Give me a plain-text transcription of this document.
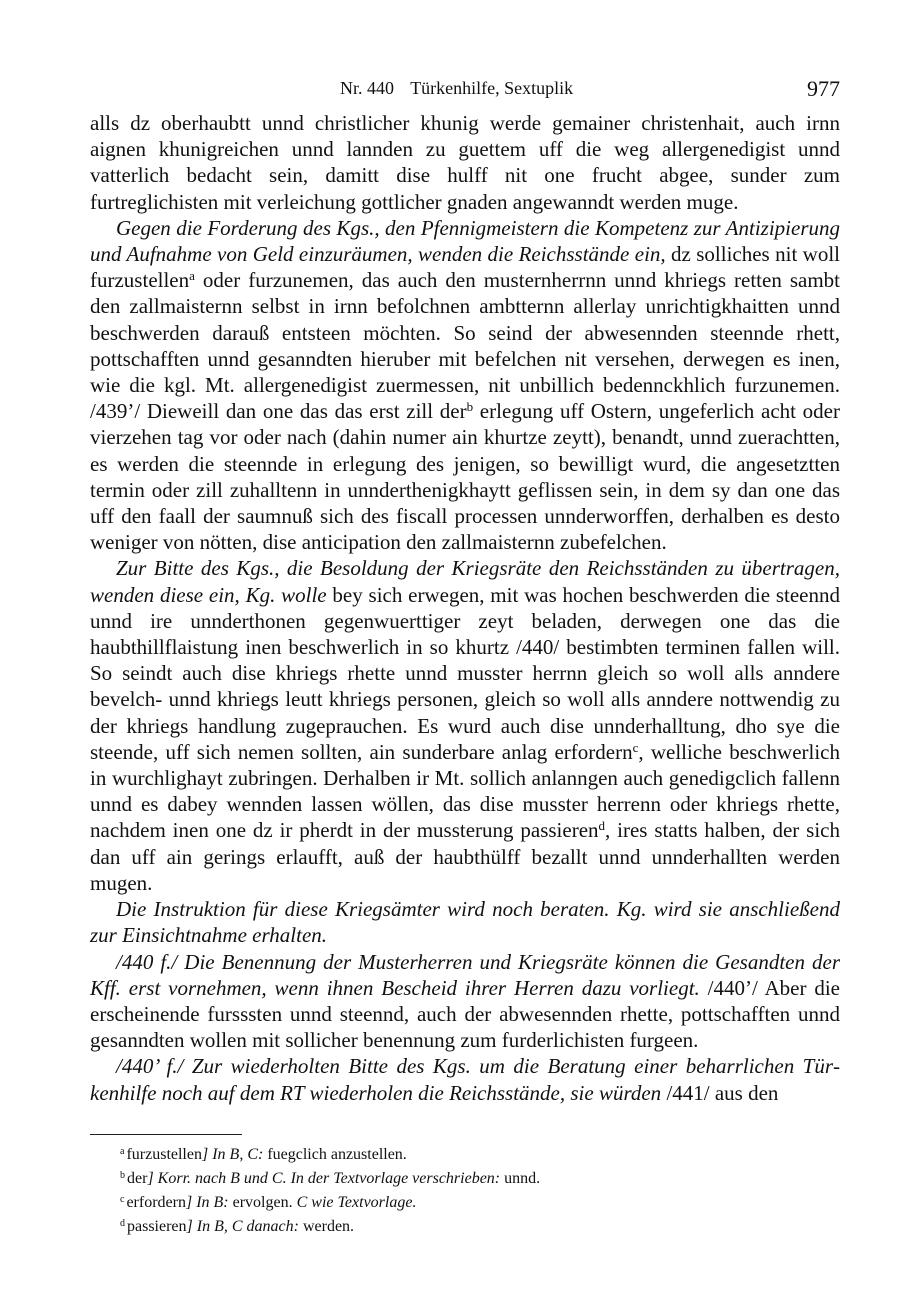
Nr. 440 Türkenhilfe, Sextuplik	977

alls dz oberhaubtt unnd christlicher khunig werde gemainer christenhait, auch irnn aignen khunigreichen unnd lannden zu guettem uff die weg allergenedigist unnd vatterlich bedacht sein, damitt dise hulff nit one frucht abgee, sunder zum furtreglichisten mit verleichung gottlicher gnaden angewanndt werden muge.

Gegen die Forderung des Kgs., den Pfennigmeistern die Kompetenz zur Antizipierung und Aufnahme von Geld einzuräumen, wenden die Reichsstände ein, dz solliches nit woll furzustellen$^a$ oder furzunemen, das auch den musternherrnn unnd khriegs retten sambt den zallmaisternn selbst in irnn befolchnen ambtternn allerlay unrichtigkhaitten unnd beschwerden darauß entsteen möchten. So seind der abwesennden steennde rhett, pottschafften unnd gesanndten hieruber mit befelchen nit versehen, derwegen es inen, wie die kgl. Mt. allergenedigist zuermessen, nit unbillich bedennckhlich furzunemen. /439’/ Dieweill dan one das das erst zill der$^b$ erlegung uff Ostern, ungeferlich acht oder vierzehen tag vor oder nach (dahin numer ain khurtze zeytt), benandt, unnd zuerachtten, es werden die steennde in erlegung des jenigen, so bewilligt wurd, die angesetztten termin oder zill zuhalltenn in unnderthenigkhaytt geflissen sein, in dem sy dan one das uff den faall der saumnuß sich des fiscall processen unnderworffen, derhalben es desto weniger von nötten, dise anticipation den zallmaisternn zubefelchen.

Zur Bitte des Kgs., die Besoldung der Kriegsräte den Reichsständen zu übertragen, wenden diese ein, Kg. wolle bey sich erwegen, mit was hochen beschwerden die steennd unnd ire unnderthonen gegenwuerttiger zeyt beladen, derwegen one das die haubthillflaistung inen beschwerlich in so khurtz /440/ bestimbten terminen fallen will. So seindt auch dise khriegs rhette unnd musster herrnn gleich so woll alls anndere bevelch- unnd khriegs leutt khriegs personen, gleich so woll alls anndere nottwendig zu der khriegs handlung zugeprauchen. Es wurd auch dise unnderhalltung, dho sye die steende, uff sich nemen sollten, ain sunderbare anlag erfordern$^c$, welliche beschwerlich in wurchlighayt zubringen. Derhalben ir Mt. sollich anlanngen auch genedigclich fallenn unnd es dabey wennden lassen wöllen, das dise musster herrenn oder khriegs rhette, nachdem inen one dz ir pherdt in der mussterung passieren$^d$, ires statts halben, der sich dan uff ain gerings erlaufft, auß der haubthülff bezallt unnd unnderhallten werden mugen.

Die Instruktion für diese Kriegsämter wird noch beraten. Kg. wird sie anschließend zur Einsichtnahme erhalten.

/440 f./ Die Benennung der Musterherren und Kriegsräte können die Gesandten der Kff. erst vornehmen, wenn ihnen Bescheid ihrer Herren dazu vorliegt. /440’/ Aber die erscheinende fursssten unnd steennd, auch der abwesennden rhette, pottschafften unnd gesanndten wollen mit sollicher benennung zum furderlichisten furgeen.

/440’ f./ Zur wiederholten Bitte des Kgs. um die Beratung einer beharrlichen Türkenhilfe noch auf dem RT wiederholen die Reichsstände, sie würden /441/ aus den

$^a$ furzustellen] In B, C: fuegclich anzustellen.
$^b$ der] Korr. nach B und C. In der Textvorlage verschrieben: unnd.
$^c$ erfordern] In B: ervolgen. C wie Textvorlage.
$^d$ passieren] In B, C danach: werden.
